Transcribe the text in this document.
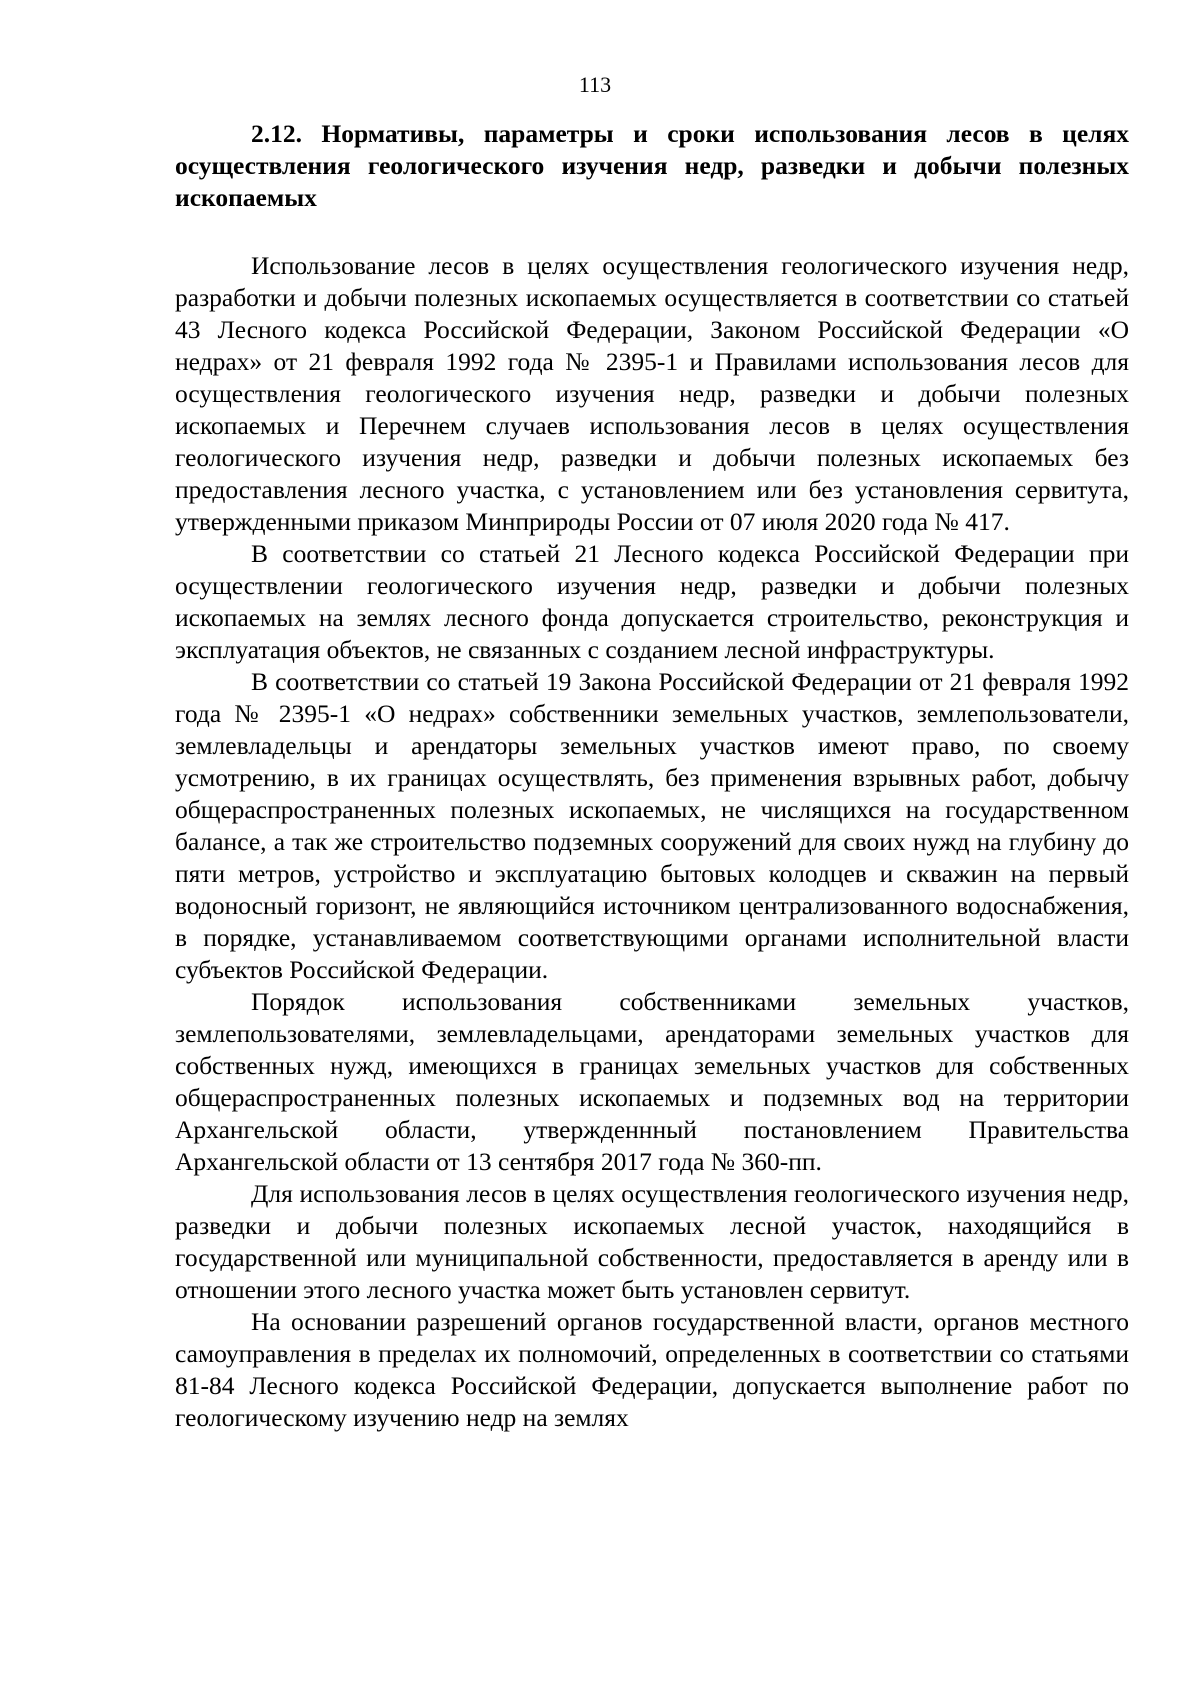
113
2.12. Нормативы, параметры и сроки использования лесов в целях осуществления геологического изучения недр, разведки и добычи полезных ископаемых

Использование лесов в целях осуществления геологического изучения недр, разработки и добычи полезных ископаемых осуществляется в соответствии со статьей 43 Лесного кодекса Российской Федерации, Законом Российской Федерации «О недрах» от 21 февраля 1992 года № 2395-1 и Правилами использования лесов для осуществления геологического изучения недр, разведки и добычи полезных ископаемых и Перечнем случаев использования лесов в целях осуществления геологического изучения недр, разведки и добычи полезных ископаемых без предоставления лесного участка, с установлением или без установления сервитута, утвержденными приказом Минприроды России от 07 июля 2020 года № 417.

В соответствии со статьей 21 Лесного кодекса Российской Федерации при осуществлении геологического изучения недр, разведки и добычи полезных ископаемых на землях лесного фонда допускается строительство, реконструкция и эксплуатация объектов, не связанных с созданием лесной инфраструктуры.

В соответствии со статьей 19 Закона Российской Федерации от 21 февраля 1992 года № 2395-1 «О недрах» собственники земельных участков, землепользователи, землевладельцы и арендаторы земельных участков имеют право, по своему усмотрению, в их границах осуществлять, без применения взрывных работ, добычу общераспространенных полезных ископаемых, не числящихся на государственном балансе, а так же строительство подземных сооружений для своих нужд на глубину до пяти метров, устройство и эксплуатацию бытовых колодцев и скважин на первый водоносный горизонт, не являющийся источником централизованного водоснабжения, в порядке, устанавливаемом соответствующими органами исполнительной власти субъектов Российской Федерации.

Порядок использования собственниками земельных участков, землепользователями, землевладельцами, арендаторами земельных участков для собственных нужд, имеющихся в границах земельных участков для собственных общераспространенных полезных ископаемых и подземных вод на территории Архангельской области, утвержденнный постановлением Правительства Архангельской области от 13 сентября 2017 года № 360-пп.

Для использования лесов в целях осуществления геологического изучения недр, разведки и добычи полезных ископаемых лесной участок, находящийся в государственной или муниципальной собственности, предоставляется в аренду или в отношении этого лесного участка может быть установлен сервитут.

На основании разрешений органов государственной власти, органов местного самоуправления в пределах их полномочий, определенных в соответствии со статьями 81-84 Лесного кодекса Российской Федерации, допускается выполнение работ по геологическому изучению недр на землях
